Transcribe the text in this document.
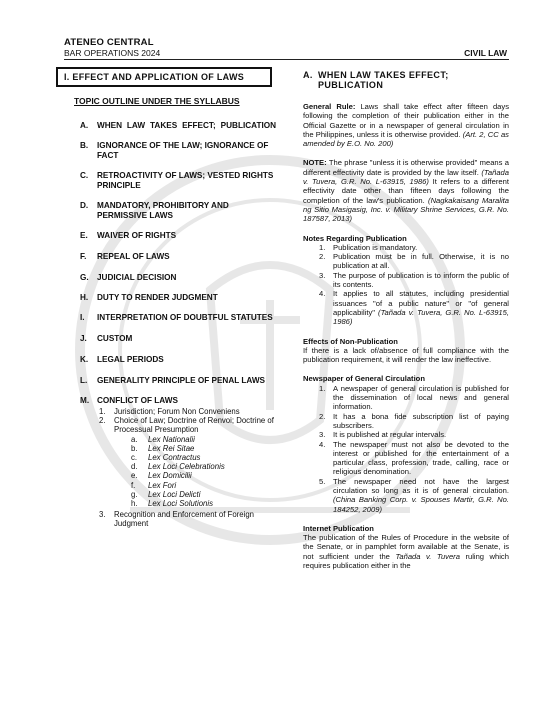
ATENEO CENTRAL
BAR OPERATIONS 2024	CIVIL LAW
I. EFFECT AND APPLICATION OF LAWS
TOPIC OUTLINE UNDER THE SYLLABUS
A.	WHEN LAW TAKES EFFECT; PUBLICATION
B.	IGNORANCE OF THE LAW; IGNORANCE OF FACT
C.	RETROACTIVITY OF LAWS; VESTED RIGHTS PRINCIPLE
D.	MANDATORY, PROHIBITORY AND PERMISSIVE LAWS
E.	WAIVER OF RIGHTS
F.	REPEAL OF LAWS
G.	JUDICIAL DECISION
H.	DUTY TO RENDER JUDGMENT
I.	INTERPRETATION OF DOUBTFUL STATUTES
J.	CUSTOM
K.	LEGAL PERIODS
L.	GENERALITY PRINCIPLE OF PENAL LAWS
M. CONFLICT OF LAWS
1.	Jurisdiction; Forum Non Conveniens
2.	Choice of Law; Doctrine of Renvoi; Doctrine of Processual Presumption
a.	Lex Nationalii
b.	Lex Rei Sitae
c.	Lex Contractus
d.	Lex Loci Celebrationis
e.	Lex Domicilii
f.	Lex Fori
g.	Lex Loci Delicti
h.	Lex Loci Solutionis
3.	Recognition and Enforcement of Foreign Judgment
A. WHEN LAW TAKES EFFECT; PUBLICATION

General Rule: Laws shall take effect after fifteen days following the completion of their publication either in the Official Gazette or in a newspaper of general circulation in the Philippines, unless it is otherwise provided. (Art. 2, CC as amended by E.O. No. 200)

NOTE: The phrase "unless it is otherwise provided" means a different effectivity date is provided by the law itself. (Tañada v. Tuvera, G.R. No. L-63915, 1986) It refers to a different effectivity date other than fifteen days following the completion of the law's publication. (Nagkakaisang Maralita ng Sitio Masigasig, Inc. v. Military Shrine Services, G.R. No. 187587, 2013)

Notes Regarding Publication
1.	Publication is mandatory.
2.	Publication must be in full. Otherwise, it is no publication at all.
3.	The purpose of publication is to inform the public of its contents.
4.	It applies to all statutes, including presidential issuances "of a public nature" or "of general applicability" (Tañada v. Tuvera, G.R. No. L-63915, 1986)
Effects of Non-Publication

If there is a lack of/absence of full compliance with the publication requirement, it will render the law ineffective.

Newspaper of General Circulation
1.	A newspaper of general circulation is published for the dissemination of local news and general information.
2.	It has a bona fide subscription list of paying subscribers.
3.	It is published at regular intervals.
4.	The newspaper must not also be devoted to the interest or published for the entertainment of a particular class, profession, trade, calling, race or religious denomination.
5.	The newspaper need not have the largest circulation so long as it is of general circulation. (China Banking Corp. v. Spouses Martir, G.R. No. 184252, 2009)
Internet Publication

The publication of the Rules of Procedure in the website of the Senate, or in pamphlet form available at the Senate, is not sufficient under the Tañada v. Tuvera ruling which requires publication either in the
